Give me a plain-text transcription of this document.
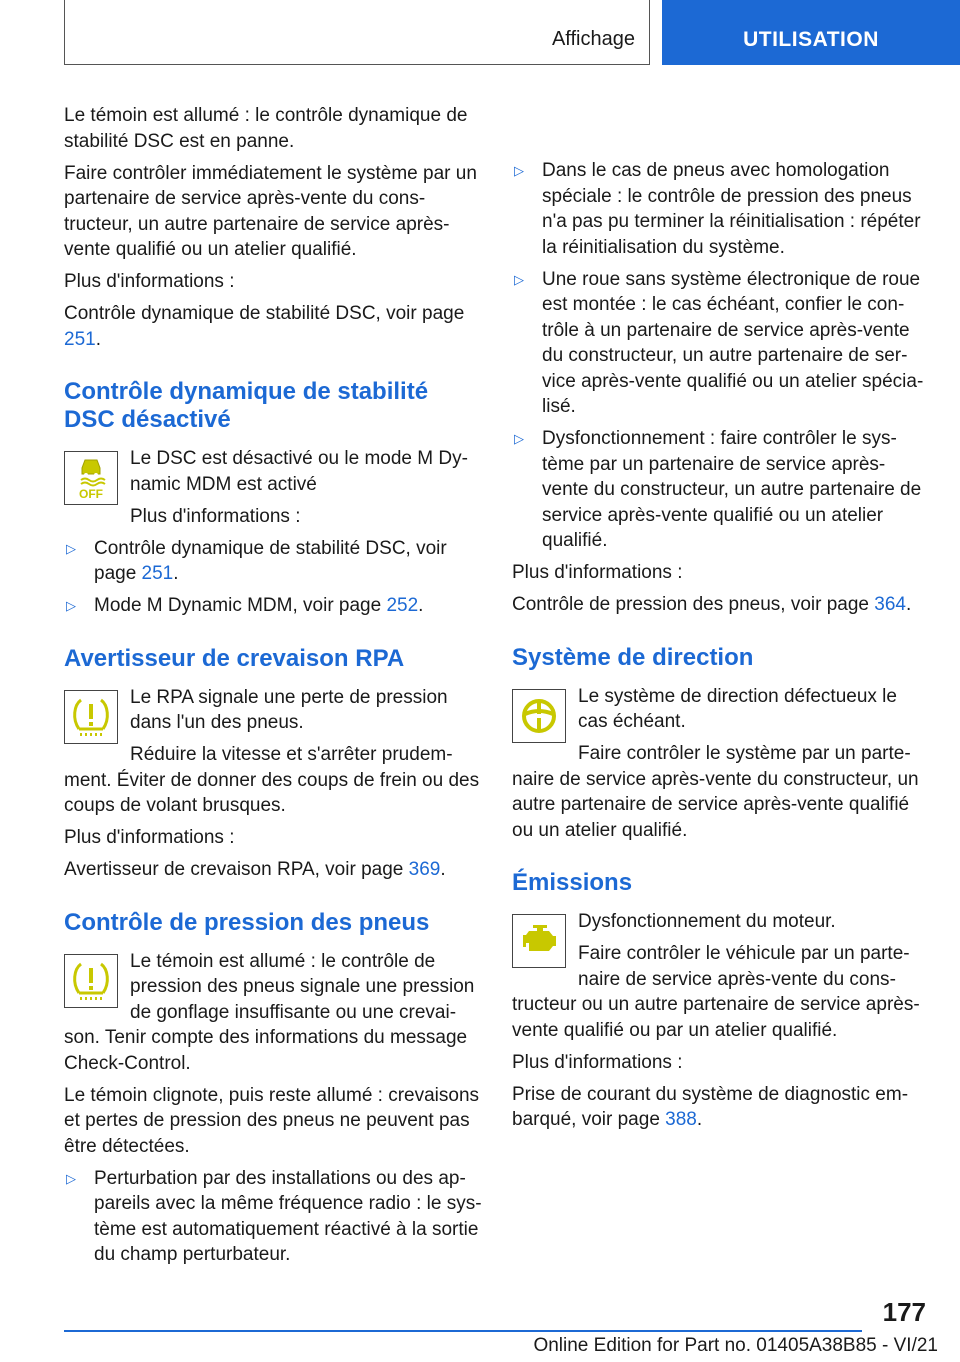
Affichage	UTILISATION

Le témoin est allumé : le contrôle dynamique de stabilité DSC est en panne.

Faire contrôler immédiatement le système par un partenaire de service après-vente du constructeur, un autre partenaire de service après-vente qualifié ou un atelier qualifié.

Plus d'informations :

Contrôle dynamique de stabilité DSC, voir page 251.

Contrôle dynamique de stabilité DSC désactivé
OFF

Le DSC est désactivé ou le mode M Dynamic MDM est activé

Plus d'informations :

▷ Contrôle dynamique de stabilité DSC, voir page 251.
▷ Mode M Dynamic MDM, voir page 252.
Avertisseur de crevaison RPA

Le RPA signale une perte de pression dans l'un des pneus.

Réduire la vitesse et s'arrêter prudemment. Éviter de donner des coups de frein ou des coups de volant brusques.

Plus d'informations :

Avertisseur de crevaison RPA, voir page 369.

Contrôle de pression des pneus

Le témoin est allumé : le contrôle de pression des pneus signale une pression de gonflage insuffisante ou une crevaison. Tenir compte des informations du message Check-Control.

Le témoin clignote, puis reste allumé : crevaisons et pertes de pression des pneus ne peuvent pas être détectées.

▷ Perturbation par des installations ou des appareils avec la même fréquence radio : le système est automatiquement réactivé à la sortie du champ perturbateur.
▷ Dans le cas de pneus avec homologation spéciale : le contrôle de pression des pneus n'a pas pu terminer la réinitialisation : répéter la réinitialisation du système.
▷ Une roue sans système électronique de roue est montée : le cas échéant, confier le contrôle à un partenaire de service après-vente du constructeur, un autre partenaire de service après-vente qualifié ou un atelier spécialisé.
▷ Dysfonctionnement : faire contrôler le système par un partenaire de service après-vente du constructeur, un autre partenaire de service après-vente qualifié ou un atelier qualifié.

Plus d'informations :

Contrôle de pression des pneus, voir page 364.

Système de direction

Le système de direction défectueux le cas échéant.

Faire contrôler le système par un partenaire de service après-vente du constructeur, un autre partenaire de service après-vente qualifié ou un atelier qualifié.

Émissions

Dysfonctionnement du moteur.

Faire contrôler le véhicule par un partenaire de service après-vente du constructeur ou un autre partenaire de service après-vente qualifié ou par un atelier qualifié.

Plus d'informations :

Prise de courant du système de diagnostic embarqué, voir page 388.

177
Online Edition for Part no. 01405A38B85 - VI/21
